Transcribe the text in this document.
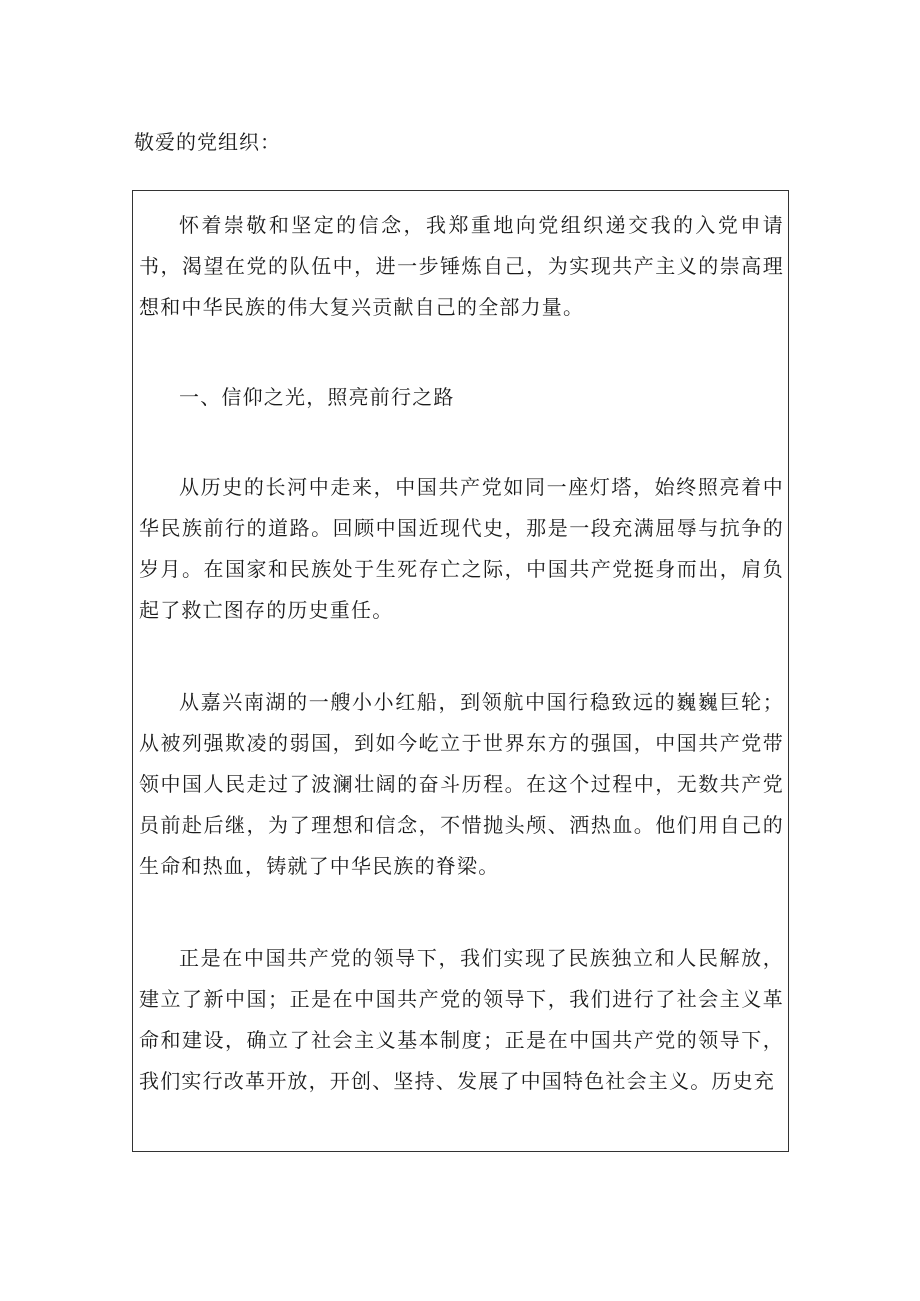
敬爱的党组织：

怀着崇敬和坚定的信念，我郑重地向党组织递交我的入党申请书，渴望在党的队伍中，进一步锤炼自己，为实现共产主义的崇高理想和中华民族的伟大复兴贡献自己的全部力量。

一、信仰之光，照亮前行之路

从历史的长河中走来，中国共产党如同一座灯塔，始终照亮着中华民族前行的道路。回顾中国近现代史，那是一段充满屈辱与抗争的岁月。在国家和民族处于生死存亡之际，中国共产党挺身而出，肩负起了救亡图存的历史重任。

从嘉兴南湖的一艘小小红船，到领航中国行稳致远的巍巍巨轮；从被列强欺凌的弱国，到如今屹立于世界东方的强国，中国共产党带领中国人民走过了波澜壮阔的奋斗历程。在这个过程中，无数共产党员前赴后继，为了理想和信念，不惜抛头颅、洒热血。他们用自己的生命和热血，铸就了中华民族的脊梁。

正是在中国共产党的领导下，我们实现了民族独立和人民解放，建立了新中国；正是在中国共产党的领导下，我们进行了社会主义革命和建设，确立了社会主义基本制度；正是在中国共产党的领导下，我们实行改革开放，开创、坚持、发展了中国特色社会主义。历史充
